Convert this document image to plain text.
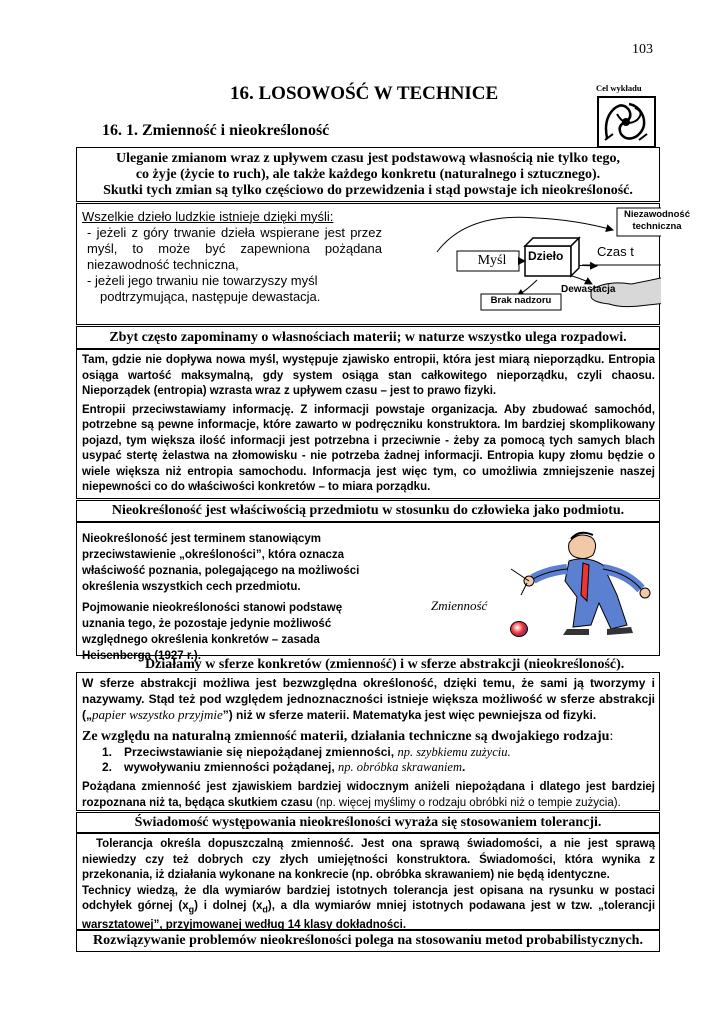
103
16. LOSOWOŚĆ W TECHNICE	Cel wykładu
16. 1. Zmienność i nieokreśloność

Uleganie zmianom wraz z upływem czasu jest podstawową własnością nie tylko tego,

co żyje (życie to ruch), ale także każdego konkretu (naturalnego i sztucznego).

Skutki tych zmian są tylko częściowo do przewidzenia i stąd powstaje ich nieokreśloność.

Wszelkie dzieło ludzkie istnieje dzięki myśli:

- jeżeli z góry trwanie dzieła wspierane jest przez myśl, to może być zapewniona pożądana niezawodność techniczna,

- jeżeli jego trwaniu nie towarzyszy myśl

podtrzymująca, następuje dewastacja.

Niezawodność

techniczna

Myśl	Dzieło	Czas t
Dewastacja
Brak nadzoru

Zbyt często zapominamy o własnościach materii; w naturze wszystko ulega rozpadowi.

Tam, gdzie nie dopływa nowa myśl, występuje zjawisko entropii, która jest miarą nieporządku. Entropia osiąga wartość maksymalną, gdy system osiąga stan całkowitego nieporządku, czyli chaosu. Nieporządek (entropia) wzrasta wraz z upływem czasu – jest to prawo fizyki.

Entropii przeciwstawiamy informację. Z informacji powstaje organizacja. Aby zbudować samochód, potrzebne są pewne informacje, które zawarto w podręczniku konstruktora. Im bardziej skomplikowany pojazd, tym większa ilość informacji jest potrzebna i przeciwnie - żeby za pomocą tych samych blach usypać stertę żelastwa na złomowisku - nie potrzeba żadnej informacji. Entropia kupy złomu będzie o wiele większa niż entropia samochodu. Informacja jest więc tym, co umożliwia zmniejszenie naszej niepewności co do właściwości konkretów – to miara porządku.

Nieokreśloność jest właściwością przedmiotu w stosunku do człowieka jako podmiotu.

Nieokreśloność jest terminem stanowiącym przeciwstawienie „określoności”, która oznacza właściwość poznania, polegającego na możliwości określenia wszystkich cech przedmiotu.

Pojmowanie nieokreśloności stanowi podstawę uznania tego, że pozostaje jedynie możliwość względnego określenia konkretów – zasada Heisenberga (1927 r.).

Zmienność
Działamy w sferze konkretów (zmienność) i w sferze abstrakcji (nieokreśloność).

W sferze abstrakcji możliwa jest bezwzględna określoność, dzięki temu, że sami ją tworzymy i nazywamy. Stąd też pod względem jednoznaczności istnieje większa możliwość w sferze abstrakcji („papier wszystko przyjmie”) niż w sferze materii. Matematyka jest więc pewniejsza od fizyki.

Ze względu na naturalną zmienność materii, działania techniczne są dwojakiego rodzaju:

1. Przeciwstawianie się niepożądanej zmienności, np. szybkiemu zużyciu.

2. wywoływaniu zmienności pożądanej, np. obróbka skrawaniem.

Pożądana zmienność jest zjawiskiem bardziej widocznym aniżeli niepożądana i dlatego jest bardziej rozpoznana niż ta, będąca skutkiem czasu (np. więcej myślimy o rodzaju obróbki niż o tempie zużycia).

Świadomość występowania nieokreśloności wyraża się stosowaniem tolerancji.

Tolerancja określa dopuszczalną zmienność. Jest ona sprawą świadomości, a nie jest sprawą niewiedzy czy też dobrych czy złych umiejętności konstruktora. Świadomości, która wynika z przekonania, iż działania wykonane na konkrecie (np. obróbka skrawaniem) nie będą identyczne.

Technicy wiedzą, że dla wymiarów bardziej istotnych tolerancja jest opisana na rysunku w postaci odchyłek górnej $(x_g)$ i dolnej $(x_d)$, a dla wymiarów mniej istotnych podawana jest w tzw. „tolerancji warsztatowej”, przyjmowanej według 14 klasy dokładności.

Rozwiązywanie problemów nieokreśloności polega na stosowaniu metod probabilistycznych.
